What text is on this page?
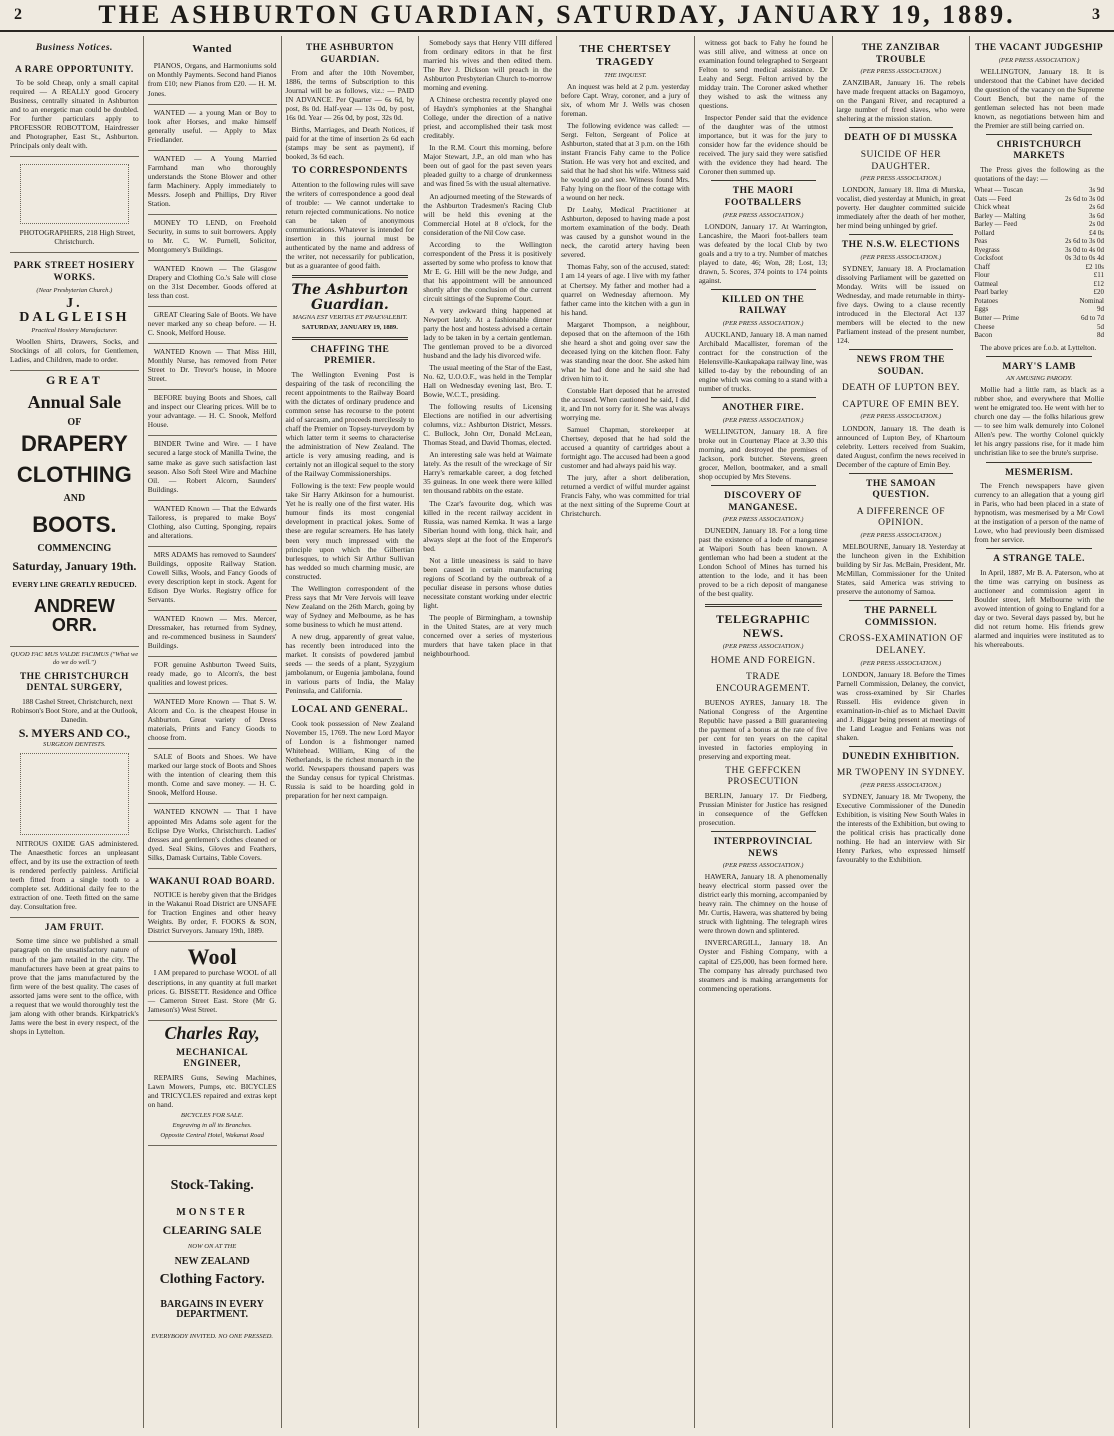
2	THE ASHBURTON GUARDIAN, SATURDAY, JANUARY 19, 1889.	3
Business Notices.
A RARE OPPORTUNITY.

To be sold Cheap, only a small capital required — A REALLY good Grocery Business, centrally situated in Ashburton and to an energetic man could be doubled. For further particulars apply to PROFESSOR ROBOTTOM, Hairdresser and Photographer, East St., Ashburton. Principals only dealt with.

PHOTOGRAPHERS, 218 High Street, Christchurch.

PARK STREET HOSIERY WORKS.
(Near Presbyterian Church.)
J. DALGLEISH
Practical Hosiery Manufacturer.

Woollen Shirts, Drawers, Socks, and Stockings of all colors, for Gentlemen, Ladies, and Children, made to order.

GREAT
Annual Sale
OF
DRAPERY
CLOTHING
AND
BOOTS.
COMMENCING
Saturday, January 19th.
EVERY LINE GREATLY REDUCED.
ANDREW ORR.
QUOD FAC MUS VALDE FACIMUS ("What we do we do well.")
THE CHRISTCHURCH DENTAL SURGERY,

188 Cashel Street, Christchurch, next Robinson's Boot Store, and at the Outlook, Danedin.

S. MYERS AND CO.,
SURGEON DENTISTS.

NITROUS OXIDE GAS administered. The Anaesthetic forces an unpleasant effect, and by its use the extraction of teeth is rendered perfectly painless. Artificial teeth fitted from a single tooth to a complete set. Additional daily fee to the extraction of one. Teeth fitted on the same day. Consultation free.

JAM FRUIT.

Some time since we published a small paragraph on the unsatisfactory nature of much of the jam retailed in the city. The manufacturers have been at great pains to prove that the jams manufactured by the firm were of the best quality. The cases of assorted jams were sent to the office, with a request that we would thoroughly test the jam along with other brands. Kirkpatrick's Jams were the best in every respect, of the shops in Lyttelton.

Wanted

PIANOS, Organs, and Harmoniums sold on Monthly Payments. Second hand Pianos from £10; new Pianos from £20. — H. M. Jones.

WANTED — a young Man or Boy to look after Horses, and make himself generally useful. — Apply to Max Friedlander.

WANTED — A Young Married Farmhand man who thoroughly understands the Stone Blower and other farm Machinery. Apply immediately to Messrs. Joseph and Phillips, Dry River Station.

MONEY TO LEND, on Freehold Security, in sums to suit borrowers. Apply to Mr. C. W. Purnell, Solicitor, Montgomery's Buildings.

WANTED Known — The Glasgow Drapery and Clothing Co.'s Sale will close on the 31st December. Goods offered at less than cost.

GREAT Clearing Sale of Boots. We have never marked any so cheap before. — H. C. Snook, Melford House.

WANTED Known — That Miss Hill, Monthly Nurse, has removed from Peter Street to Dr. Trevor's house, in Moore Street.

BEFORE buying Boots and Shoes, call and inspect our Clearing prices. Will be to your advantage. — H. C. Snook, Melford House.

BINDER Twine and Wire. — I have secured a large stock of Manilla Twine, the same make as gave such satisfaction last season. Also Soft Steel Wire and Machine Oil. — Robert Alcorn, Saunders' Buildings.

WANTED Known — That the Edwards Tailoress, is prepared to make Boys' Clothing, also Cutting, Sponging, repairs and alterations.

MRS ADAMS has removed to Saunders' Buildings, opposite Railway Station. Cowell Silks, Wools, and Fancy Goods of every description kept in stock. Agent for Edison Dye Works. Registry office for Servants.

WANTED Known — Mrs. Mercer, Dressmaker, has returned from Sydney, and re-commenced business in Saunders' Buildings.

FOR genuine Ashburton Tweed Suits, ready made, go to Alcorn's, the best qualities and lowest prices.

WANTED More Known — That S. W. Alcorn and Co. is the cheapest House in Ashburton. Great variety of Dress materials, Prints and Fancy Goods to choose from.

SALE of Boots and Shoes. We have marked our large stock of Boots and Shoes with the intention of clearing them this month. Come and save money. — H. C. Snook, Melford House.

WANTED KNOWN — That I have appointed Mrs Adams sole agent for the Eclipse Dye Works, Christchurch. Ladies' dresses and gentlemen's clothes cleaned or dyed. Seal Skins, Gloves and Feathers, Silks, Damask Curtains, Table Covers.

WAKANUI ROAD BOARD.

NOTICE is hereby given that the Bridges in the Wakanui Road District are UNSAFE for Traction Engines and other heavy Weights. By order, F. FOOKS & SON, District Surveyors. January 19th, 1889.

Wool

I AM prepared to purchase WOOL of all descriptions, in any quantity at full market prices. G. BISSETT. Residence and Office — Cameron Street East. Store (Mr G. Jameson's) West Street.

Charles Ray,
MECHANICAL ENGINEER,

REPAIRS Guns, Sewing Machines, Lawn Mowers, Pumps, etc. BICYCLES and TRICYCLES repaired and extras kept on hand.

BICYCLES FOR SALE.
Engraving in all its Branches.
Opposite Central Hotel, Wakanui Road
Stock-Taking.
MONSTER
CLEARING SALE
NOW ON AT THE
NEW ZEALAND
Clothing Factory.
BARGAINS IN EVERY DEPARTMENT.
EVERYBODY INVITED. NO ONE PRESSED.
THE ASHBURTON GUARDIAN.

From and after the 10th November, 1886, the terms of Subscription to this Journal will be as follows, viz.: — PAID IN ADVANCE. Per Quarter — 6s 6d, by post, 8s 0d. Half-year — 13s 0d, by post, 16s 0d. Year — 26s 0d, by post, 32s 0d.

Births, Marriages, and Death Notices, if paid for at the time of insertion 2s 6d each (stamps may be sent as payment), if booked, 3s 6d each.

TO CORRESPONDENTS

Attention to the following rules will save the writers of correspondence a good deal of trouble: — We cannot undertake to return rejected communications. No notice can be taken of anonymous communications. Whatever is intended for insertion in this journal must be authenticated by the name and address of the writer, not necessarily for publication, but as a guarantee of good faith.

The Ashburton Guardian.
MAGNA EST VERITAS ET PRAEVALEBIT.
SATURDAY, JANUARY 19, 1889.
CHAFFING THE PREMIER.

The Wellington Evening Post is despairing of the task of reconciling the recent appointments to the Railway Board with the dictates of ordinary prudence and common sense has recourse to the potent aid of sarcasm, and proceeds mercilessly to chaff the Premier on Topsey-turveydom by which latter term it seems to characterise the administration of New Zealand. The article is very amusing reading, and is certainly not an illogical sequel to the story of the Railway Commissionerships.

Following is the text: Few people would take Sir Harry Atkinson for a humourist. Yet he is really one of the first water. His humour finds its most congenial development in practical jokes. Some of these are regular screamers. He has lately been very much impressed with the principle upon which the Gilbertian burlesques, to which Sir Arthur Sullivan has wedded so much charming music, are constructed.

The Wellington correspondent of the Press says that Mr Vere Jervois will leave New Zealand on the 26th March, going by way of Sydney and Melbourne, as he has some business to which he must attend.

A new drug, apparently of great value, has recently been introduced into the market. It consists of powdered jambul seeds — the seeds of a plant, Syzygium jambolanum, or Eugenia jambolana, found in various parts of India, the Malay Peninsula, and California.

LOCAL AND GENERAL.

Cook took possession of New Zealand November 15, 1769. The new Lord Mayor of London is a fishmonger named Whitehead. William, King of the Netherlands, is the richest monarch in the world. Newspapers thousand papers was the Sunday census for typical Christmas. Russia is said to be hoarding gold in preparation for her next campaign.

Somebody says that Henry VIII differed from ordinary editors in that he first married his wives and then edited them. The Rev J. Dickson will preach in the Ashburton Presbyterian Church to-morrow morning and evening.

A Chinese orchestra recently played one of Haydn's symphonies at the Shanghai College, under the direction of a native priest, and accomplished their task most creditably.

In the R.M. Court this morning, before Major Stewart, J.P., an old man who has been out of gaol for the past seven years pleaded guilty to a charge of drunkenness and was fined 5s with the usual alternative.

An adjourned meeting of the Stewards of the Ashburton Tradesmen's Racing Club will be held this evening at the Commercial Hotel at 8 o'clock, for the consideration of the Nil Cow case.

According to the Wellington correspondent of the Press it is positively asserted by some who profess to know that Mr E. G. Hill will be the new Judge, and that his appointment will be announced shortly after the conclusion of the current circuit sittings of the Supreme Court.

A very awkward thing happened at Newport lately. At a fashionable dinner party the host and hostess advised a certain lady to be taken in by a certain gentleman. The gentleman proved to be a divorced husband and the lady his divorced wife.

The usual meeting of the Star of the East, No. 62, U.O.O.F., was held in the Templar Hall on Wednesday evening last, Bro. T. Bowie, W.C.T., presiding.

The following results of Licensing Elections are notified in our advertising columns, viz.: Ashburton District, Messrs. C. Bullock, John Orr, Donald McLean, Thomas Stead, and David Thomas, elected.

An interesting sale was held at Waimate lately. As the result of the wreckage of Sir Harry's remarkable career, a dog fetched 35 guineas. In one week there were killed ten thousand rabbits on the estate.

The Czar's favourite dog, which was killed in the recent railway accident in Russia, was named Kemka. It was a large Siberian hound with long, thick hair, and always slept at the foot of the Emperor's bed.

Not a little uneasiness is said to have been caused in certain manufacturing regions of Scotland by the outbreak of a peculiar disease in persons whose duties necessitate constant working under electric light.

The people of Birmingham, a township in the United States, are at very much concerned over a series of mysterious murders that have taken place in that neighbourhood.

THE CHERTSEY TRAGEDY
THE INQUEST.

An inquest was held at 2 p.m. yesterday before Capt. Wray, coroner, and a jury of six, of whom Mr J. Wells was chosen foreman.

The following evidence was called: — Sergt. Felton, Sergeant of Police at Ashburton, stated that at 3 p.m. on the 16th instant Francis Fahy came to the Police Station. He was very hot and excited, and said that he had shot his wife. Witness said he would go and see. Witness found Mrs. Fahy lying on the floor of the cottage with a wound on her neck.

Dr Leahy, Medical Practitioner at Ashburton, deposed to having made a post mortem examination of the body. Death was caused by a gunshot wound in the neck, the carotid artery having been severed.

Thomas Fahy, son of the accused, stated: I am 14 years of age. I live with my father at Chertsey. My father and mother had a quarrel on Wednesday afternoon. My father came into the kitchen with a gun in his hand.

Margaret Thompson, a neighbour, deposed that on the afternoon of the 16th she heard a shot and going over saw the deceased lying on the kitchen floor. Fahy was standing near the door. She asked him what he had done and he said she had driven him to it.

Constable Hart deposed that he arrested the accused. When cautioned he said, I did it, and I'm not sorry for it. She was always worrying me.

Samuel Chapman, storekeeper at Chertsey, deposed that he had sold the accused a quantity of cartridges about a fortnight ago. The accused had been a good customer and had always paid his way.

The jury, after a short deliberation, returned a verdict of wilful murder against Francis Fahy, who was committed for trial at the next sitting of the Supreme Court at Christchurch.

witness got back to Fahy he found he was still alive, and witness at once on examination found telegraphed to Sergeant Felton to send medical assistance. Dr Leahy and Sergt. Felton arrived by the midday train. The Coroner asked whether they wished to ask the witness any questions.

Inspector Pender said that the evidence of the daughter was of the utmost importance, but it was for the jury to consider how far the evidence should be received. The jury said they were satisfied with the evidence they had heard. The Coroner then summed up.

THE MAORI FOOTBALLERS
(PER PRESS ASSOCIATION.)

LONDON, January 17. At Warrington, Lancashire, the Maori foot-ballers team was defeated by the local Club by two goals and a try to a try. Number of matches played to date, 46; Won, 28; Lost, 13; drawn, 5. Scores, 374 points to 174 points against.

KILLED ON THE RAILWAY
(PER PRESS ASSOCIATION.)

AUCKLAND, January 18. A man named Archibald Macallister, foreman of the contract for the construction of the Helensville-Kaukapakapa railway line, was killed to-day by the rebounding of an engine which was coming to a stand with a number of trucks.

ANOTHER FIRE.
(PER PRESS ASSOCIATION.)

WELLINGTON, January 18. A fire broke out in Courtenay Place at 3.30 this morning, and destroyed the premises of Jackson, pork butcher. Stevens, green grocer, Mellon, bootmaker, and a small shop occupied by Mrs Stevens.

DISCOVERY OF MANGANESE.
(PER PRESS ASSOCIATION.)

DUNEDIN, January 18. For a long time past the existence of a lode of manganese at Waipori South has been known. A gentleman who had been a student at the London School of Mines has turned his attention to the lode, and it has been proved to be a rich deposit of manganese of the best quality.

TELEGRAPHIC NEWS.
(PER PRESS ASSOCIATION.)
HOME AND FOREIGN.
TRADE ENCOURAGEMENT.

BUENOS AYRES, January 18. The National Congress of the Argentine Republic have passed a Bill guaranteeing the payment of a bonus at the rate of five per cent for ten years on the capital invested in factories employing in preserving and exporting meat.

THE GEFFCKEN PROSECUTION

BERLIN, January 17. Dr Fiedberg, Prussian Minister for Justice has resigned in consequence of the Geffcken prosecution.

INTERPROVINCIAL NEWS
(PER PRESS ASSOCIATION.)

HAWERA, January 18. A phenomenally heavy electrical storm passed over the district early this morning, accompanied by heavy rain. The chimney on the house of Mr. Curtis, Hawera, was shattered by being struck with lightning. The telegraph wires were thrown down and splintered.

INVERCARGILL, January 18. An Oyster and Fishing Company, with a capital of £25,000, has been formed here. The company has already purchased two steamers and is making arrangements for commencing operations.

THE ZANZIBAR TROUBLE
(PER PRESS ASSOCIATION.)

ZANZIBAR, January 16. The rebels have made frequent attacks on Bagamoyo, on the Pangani River, and recaptured a large number of freed slaves, who were sheltering at the mission station.

DEATH OF DI MUSSKA
SUICIDE OF HER DAUGHTER.
(PER PRESS ASSOCIATION.)

LONDON, January 18. Ilma di Murska, vocalist, died yesterday at Munich, in great poverty. Her daughter committed suicide immediately after the death of her mother, her mind being unhinged by grief.

THE N.S.W. ELECTIONS
(PER PRESS ASSOCIATION.)

SYDNEY, January 18. A Proclamation dissolving Parliament will be gazetted on Monday. Writs will be issued on Wednesday, and made returnable in thirty-five days. Owing to a clause recently introduced in the Electoral Act 137 members will be elected to the new Parliament instead of the present number, 124.

NEWS FROM THE SOUDAN.
DEATH OF LUPTON BEY.
CAPTURE OF EMIN BEY.
(PER PRESS ASSOCIATION.)

LONDON, January 18. The death is announced of Lupton Bey, of Khartoum celebrity. Letters received from Suakim, dated August, confirm the news received in December of the capture of Emin Bey.

THE SAMOAN QUESTION.
A DIFFERENCE OF OPINION.
(PER PRESS ASSOCIATION.)

MELBOURNE, January 18. Yesterday at the luncheon given in the Exhibition building by Sir Jas. McBain, President, Mr. McMillan, Commissioner for the United States, said America was striving to preserve the autonomy of Samoa.

THE PARNELL COMMISSION.
CROSS-EXAMINATION OF DELANEY.
(PER PRESS ASSOCIATION.)

LONDON, January 18. Before the Times Parnell Commission, Delaney, the convict, was cross-examined by Sir Charles Russell. His evidence given in examination-in-chief as to Michael Davitt and J. Biggar being present at meetings of the Land League and Fenians was not shaken.

DUNEDIN EXHIBITION.
MR TWOPENY IN SYDNEY.
(PER PRESS ASSOCIATION.)

SYDNEY, January 18. Mr Twopeny, the Executive Commissioner of the Dunedin Exhibition, is visiting New South Wales in the interests of the Exhibition, but owing to the political crisis has practically done nothing. He had an interview with Sir Henry Parkes, who expressed himself favourably to the Exhibition.

THE VACANT JUDGESHIP
(PER PRESS ASSOCIATION.)

WELLINGTON, January 18. It is understood that the Cabinet have decided the question of the vacancy on the Supreme Court Bench, but the name of the gentleman selected has not been made known, as negotiations between him and the Premier are still being carried on.

CHRISTCHURCH MARKETS

The Press gives the following as the quotations of the day: —

Wheat — Tuscan	3s 9d
Oats — Feed	2s 6d to 3s 0d
Chick wheat	2s 6d
Barley — Malting	3s 6d
Barley — Feed	2s 0d
Pollard	£4 0s
Peas	2s 6d to 3s 0d
Ryegrass	3s 0d to 4s 0d
Cocksfoot	0s 3d to 0s 4d
Chaff	£2 10s
Flour	£11
Oatmeal	£12
Pearl barley	£20
Potatoes	Nominal
Eggs	9d
Butter — Prime	6d to 7d
Cheese	5d
Bacon	8d

The above prices are f.o.b. at Lyttelton.

MARY'S LAMB
AN AMUSING PARODY.

Mollie had a little ram, as black as a rubber shoe, and everywhere that Mollie went he emigrated too. He went with her to church one day — the folks hilarious grew — to see him walk demurely into Colonel Allen's pew. The worthy Colonel quickly let his angry passions rise, for it made him unchristian like to see the brute's surprise.

MESMERISM.

The French newspapers have given currency to an allegation that a young girl in Paris, who had been placed in a state of hypnotism, was mesmerised by a Mr Cowl at the instigation of a person of the name of Lowe, who had previously been dismissed from her service.

A STRANGE TALE.

In April, 1887, Mr B. A. Paterson, who at the time was carrying on business as auctioneer and commission agent in Boulder street, left Melbourne with the avowed intention of going to England for a day or two. Several days passed by, but he did not return home. His friends grew alarmed and inquiries were instituted as to his whereabouts.
